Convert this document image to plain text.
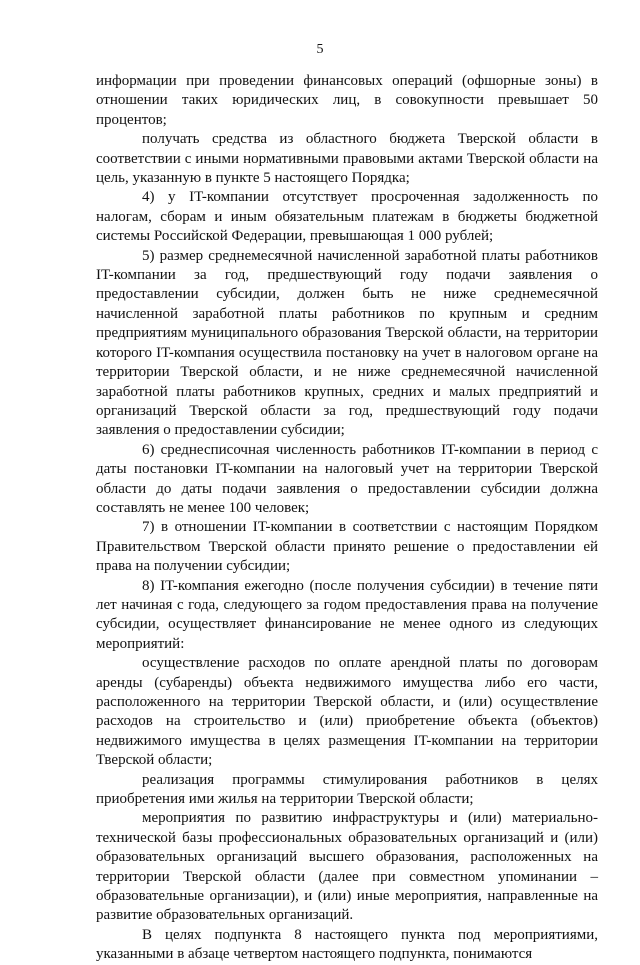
5

информации при проведении финансовых операций (офшорные зоны) в отношении таких юридических лиц, в совокупности превышает 50 процентов;

получать средства из областного бюджета Тверской области в соответствии с иными нормативными правовыми актами Тверской области на цель, указанную в пункте 5 настоящего Порядка;

4) у IT-компании отсутствует просроченная задолженность по налогам, сборам и иным обязательным платежам в бюджеты бюджетной системы Российской Федерации, превышающая 1 000 рублей;

5) размер среднемесячной начисленной заработной платы работников IT-компании за год, предшествующий году подачи заявления о предоставлении субсидии, должен быть не ниже среднемесячной начисленной заработной платы работников по крупным и средним предприятиям муниципального образования Тверской области, на территории которого IT-компания осуществила постановку на учет в налоговом органе на территории Тверской области, и не ниже среднемесячной начисленной заработной платы работников крупных, средних и малых предприятий и организаций Тверской области за год, предшествующий году подачи заявления о предоставлении субсидии;

6) среднесписочная численность работников IT-компании в период с даты постановки IT-компании на налоговый учет на территории Тверской области до даты подачи заявления о предоставлении субсидии должна составлять не менее 100 человек;

7) в отношении IT-компании в соответствии с настоящим Порядком Правительством Тверской области принято решение о предоставлении ей права на получении субсидии;

8) IT-компания ежегодно (после получения субсидии) в течение пяти лет начиная с года, следующего за годом предоставления права на получение субсидии, осуществляет финансирование не менее одного из следующих мероприятий:

осуществление расходов по оплате арендной платы по договорам аренды (субаренды) объекта недвижимого имущества либо его части, расположенного на территории Тверской области, и (или) осуществление расходов на строительство и (или) приобретение объекта (объектов) недвижимого имущества в целях размещения IT-компании на территории Тверской области;

реализация программы стимулирования работников в целях приобретения ими жилья на территории Тверской области;

мероприятия по развитию инфраструктуры и (или) материально-технической базы профессиональных образовательных организаций и (или) образовательных организаций высшего образования, расположенных на территории Тверской области (далее при совместном упоминании – образовательные организации), и (или) иные мероприятия, направленные на развитие образовательных организаций.

В целях подпункта 8 настоящего пункта под мероприятиями, указанными в абзаце четвертом настоящего подпункта, понимаются
